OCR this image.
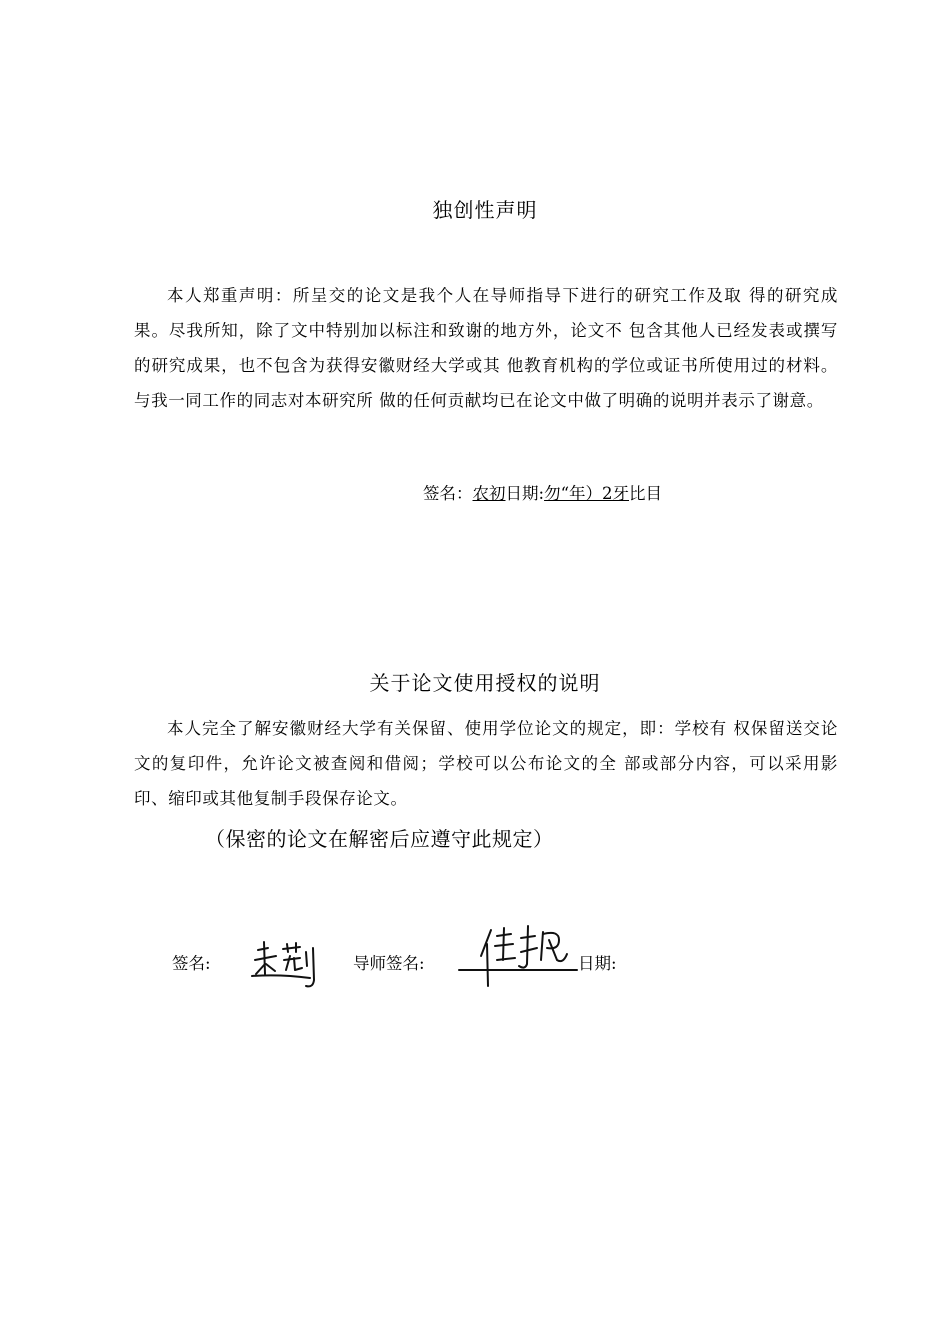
独创性声明

本人郑重声明：所呈交的论文是我个人在导师指导下进行的研究工作及取 得的研究成果。尽我所知，除了文中特别加以标注和致谢的地方外，论文不 包含其他人已经发表或撰写的研究成果，也不包含为获得安徽财经大学或其 他教育机构的学位或证书所使用过的材料。与我一同工作的同志对本研究所 做的任何贡献均已在论文中做了明确的说明并表示了谢意。

签名：农初日期:勿“年）2牙比目
关于论文使用授权的说明

本人完全了解安徽财经大学有关保留、使用学位论文的规定，即：学校有 权保留送交论文的复印件，允许论文被查阅和借阅；学校可以公布论文的全 部或部分内容，可以采用影印、缩印或其他复制手段保存论文。

（保密的论文在解密后应遵守此规定）
签名:	导师签名:	日期:
